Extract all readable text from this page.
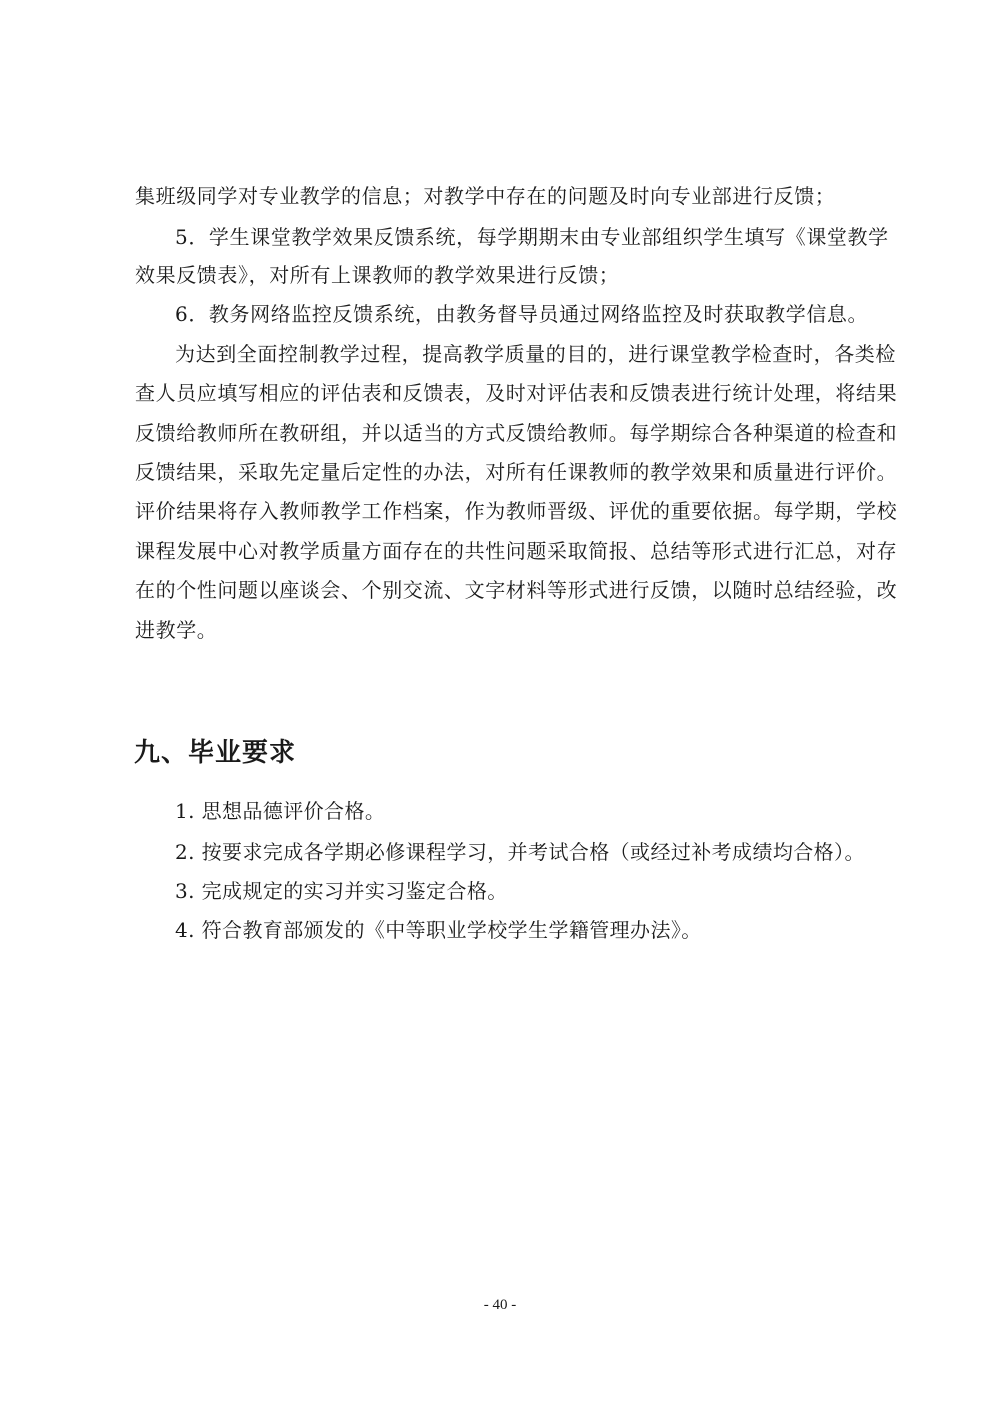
集班级同学对专业教学的信息；对教学中存在的问题及时向专业部进行反馈；
5．学生课堂教学效果反馈系统，每学期期末由专业部组织学生填写《课堂教学
效果反馈表》，对所有上课教师的教学效果进行反馈；
6．教务网络监控反馈系统，由教务督导员通过网络监控及时获取教学信息。
为达到全面控制教学过程，提高教学质量的目的，进行课堂教学检查时，各类检
查人员应填写相应的评估表和反馈表，及时对评估表和反馈表进行统计处理，将结果
反馈给教师所在教研组，并以适当的方式反馈给教师。每学期综合各种渠道的检查和
反馈结果，采取先定量后定性的办法，对所有任课教师的教学效果和质量进行评价。
评价结果将存入教师教学工作档案，作为教师晋级、评优的重要依据。每学期，学校
课程发展中心对教学质量方面存在的共性问题采取简报、总结等形式进行汇总，对存
在的个性问题以座谈会、个别交流、文字材料等形式进行反馈，以随时总结经验，改
进教学。
九、毕业要求
1. 思想品德评价合格。
2. 按要求完成各学期必修课程学习，并考试合格（或经过补考成绩均合格）。
3. 完成规定的实习并实习鉴定合格。
4. 符合教育部颁发的《中等职业学校学生学籍管理办法》。
- 40 -
